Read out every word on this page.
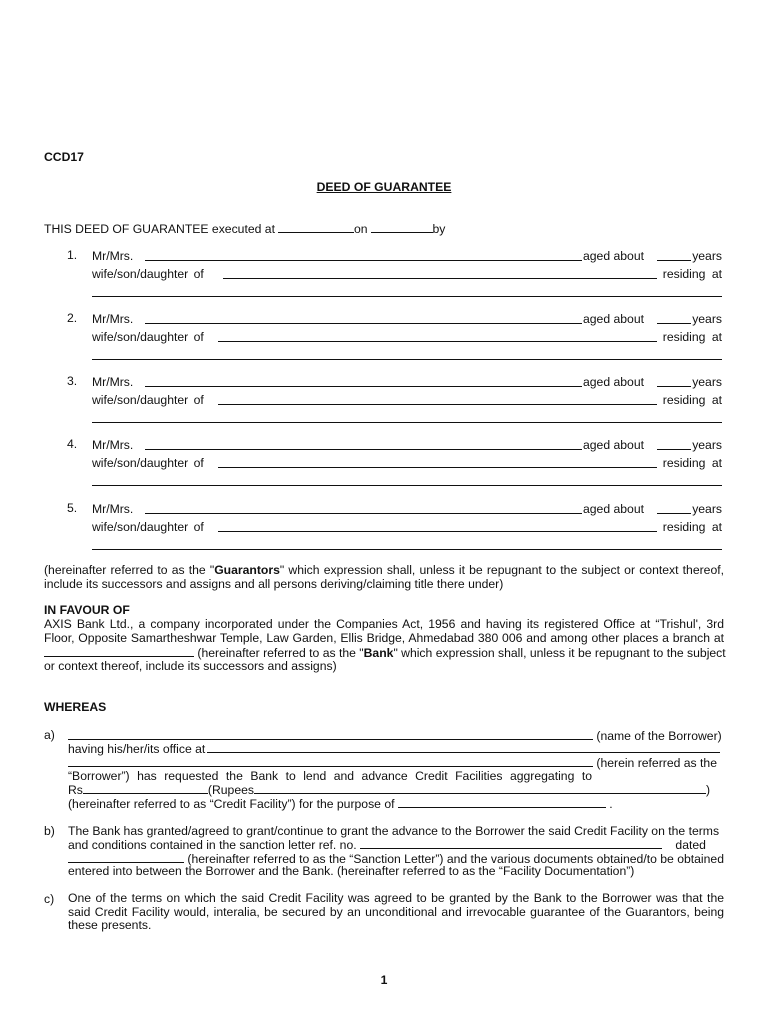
CCD17
DEED OF GUARANTEE
THIS DEED OF GUARANTEE executed at	on	by
1. Mr/Mrs.	aged about	years
wife/son/daughter of	residing at
2. Mr/Mrs.	aged about	years
wife/son/daughter of	residing at
3. Mr/Mrs.	aged about	years
wife/son/daughter of	residing at
4. Mr/Mrs.	aged about	years
wife/son/daughter of	residing at
5. Mr/Mrs.	aged about	years
wife/son/daughter of	residing at
(hereinafter referred to as the "Guarantors" which expression shall, unless it be repugnant to the subject or context thereof, include its successors and assigns and all persons deriving/claiming title there under)
IN FAVOUR OF
AXIS Bank Ltd., a company incorporated under the Companies Act, 1956 and having its registered Office at “Trishul', 3rd Floor, Opposite Samartheshwar Temple, Law Garden, Ellis Bridge, Ahmedabad 380 006 and among other places a branch at
(hereinafter referred to as the "Bank" which expression shall, unless it be repugnant to the subject
or context thereof, include its successors and assigns)
WHEREAS
a)	(name of the Borrower)
having his/her/its office at
(herein referred as the
“Borrower”) has requested the Bank to lend and advance Credit Facilities aggregating to
Rs	(Rupees	)
(hereinafter referred to as “Credit Facility”) for the purpose of	.
b) The Bank has granted/agreed to grant/continue to grant the advance to the Borrower the said Credit Facility on the terms
and conditions contained in the sanction letter ref. no.	dated
(hereinafter referred to as the “Sanction Letter”) and the various documents obtained/to be obtained
entered into between the Borrower and the Bank. (hereinafter referred to as the “Facility Documentation”)
c) One of the terms on which the said Credit Facility was agreed to be granted by the Bank to the Borrower was that the said Credit Facility would, interalia, be secured by an unconditional and irrevocable guarantee of the Guarantors, being these presents.
1
